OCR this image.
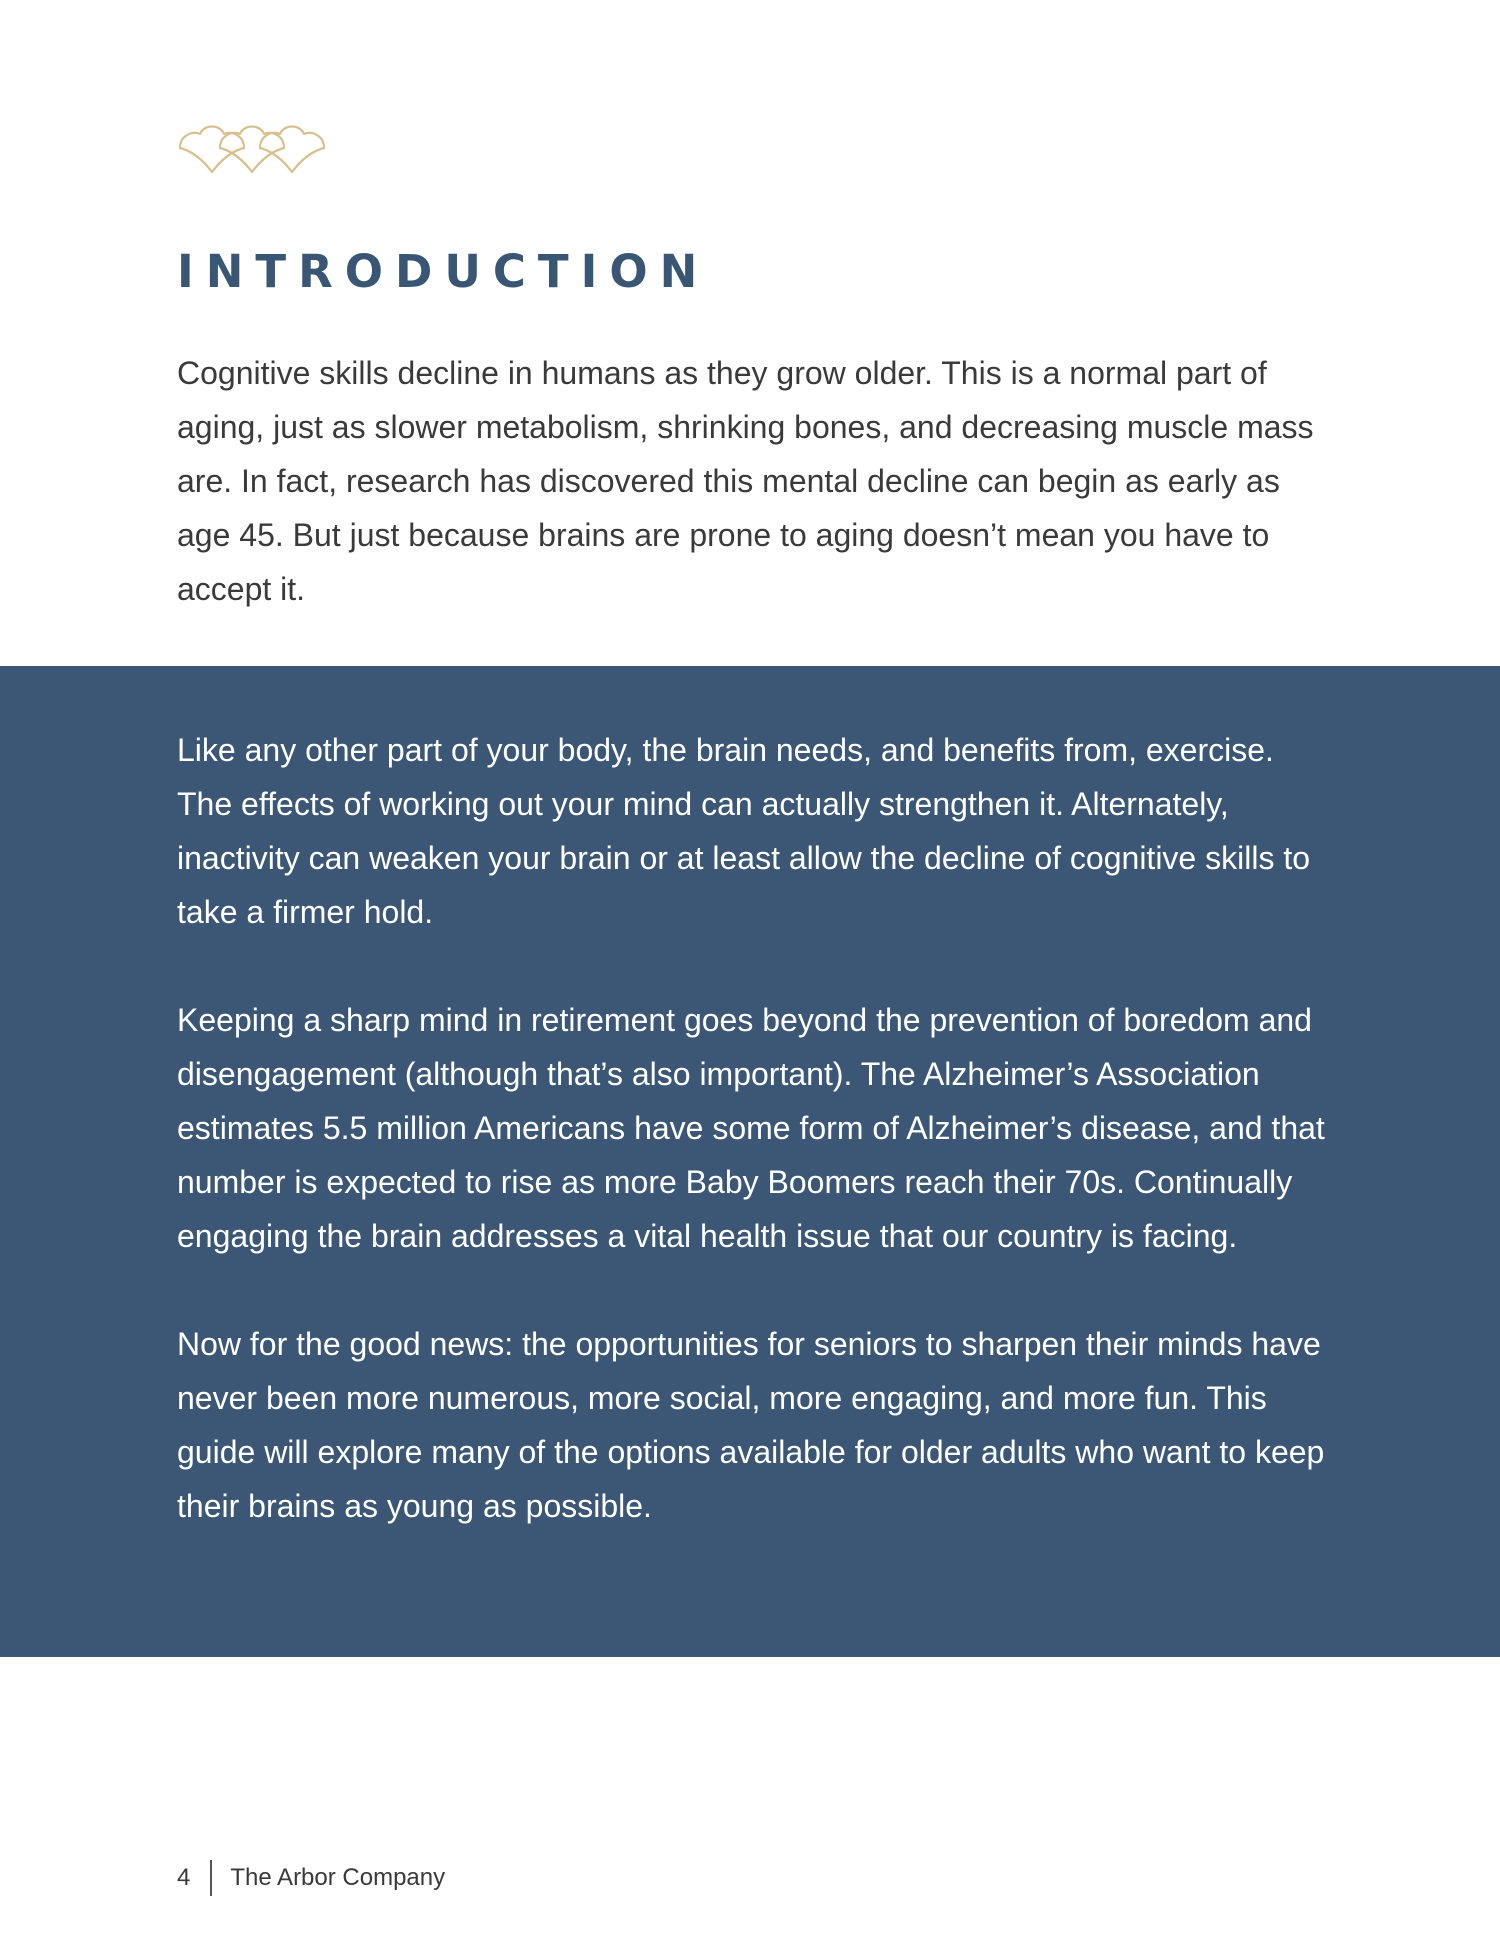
INTRODUCTION

Cognitive skills decline in humans as they grow older. This is a normal part of aging, just as slower metabolism, shrinking bones, and decreasing muscle mass are. In fact, research has discovered this mental decline can begin as early as age 45. But just because brains are prone to aging doesn’t mean you have to accept it.

Like any other part of your body, the brain needs, and benefits from, exercise. The effects of working out your mind can actually strengthen it. Alternately, inactivity can weaken your brain or at least allow the decline of cognitive skills to take a firmer hold.

Keeping a sharp mind in retirement goes beyond the prevention of boredom and disengagement (although that’s also important). The Alzheimer’s Association estimates 5.5 million Americans have some form of Alzheimer’s disease, and that number is expected to rise as more Baby Boomers reach their 70s. Continually engaging the brain addresses a vital health issue that our country is facing.

Now for the good news: the opportunities for seniors to sharpen their minds have never been more numerous, more social, more engaging, and more fun. This guide will explore many of the options available for older adults who want to keep their brains as young as possible.

4 The Arbor Company
